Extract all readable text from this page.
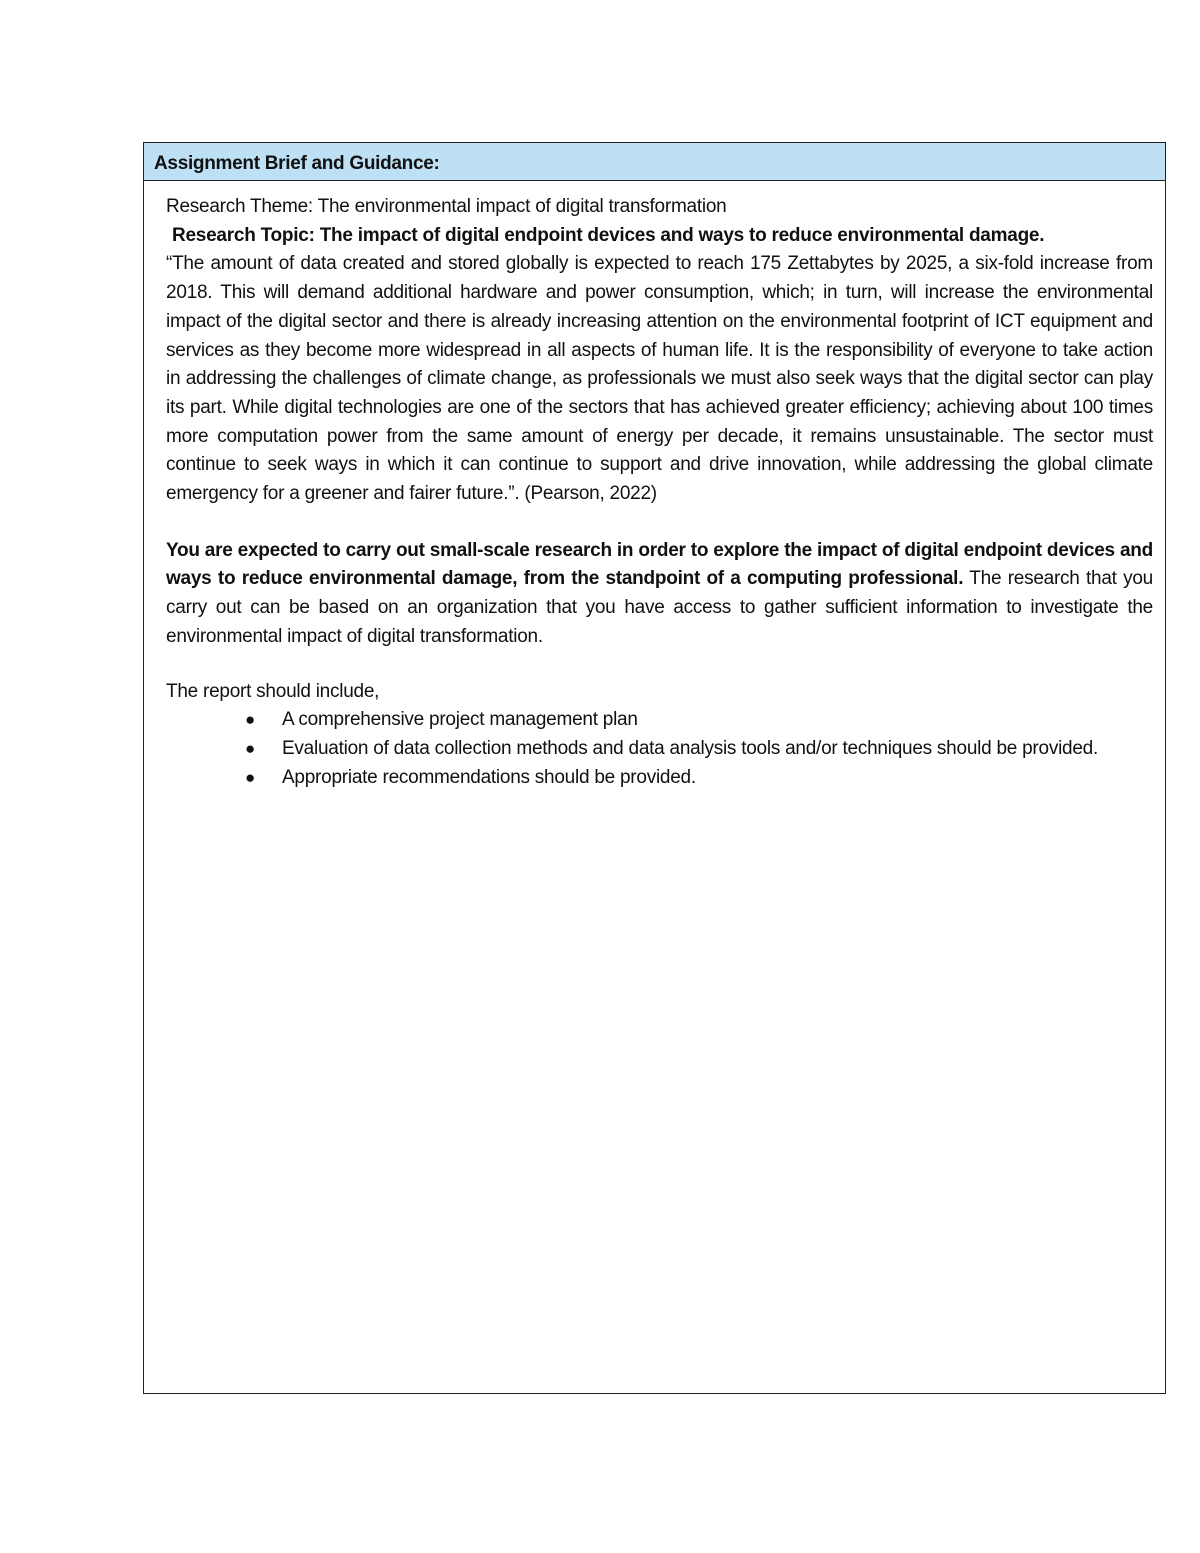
Assignment Brief and Guidance:

Research Theme: The environmental impact of digital transformation

Research Topic: The impact of digital endpoint devices and ways to reduce environmental damage.

“The amount of data created and stored globally is expected to reach 175 Zettabytes by 2025, a six-fold increase from 2018. This will demand additional hardware and power consumption, which; in turn, will increase the environmental impact of the digital sector and there is already increasing attention on the environmental footprint of ICT equipment and services as they become more widespread in all aspects of human life. It is the responsibility of everyone to take action in addressing the challenges of climate change, as professionals we must also seek ways that the digital sector can play its part. While digital technologies are one of the sectors that has achieved greater efficiency; achieving about 100 times more computation power from the same amount of energy per decade, it remains unsustainable. The sector must continue to seek ways in which it can continue to support and drive innovation, while addressing the global climate emergency for a greener and fairer future.”. (Pearson, 2022)

You are expected to carry out small-scale research in order to explore the impact of digital endpoint devices and ways to reduce environmental damage, from the standpoint of a computing professional. The research that you carry out can be based on an organization that you have access to gather sufficient information to investigate the environmental impact of digital transformation.

The report should include,

● A comprehensive project management plan
● Evaluation of data collection methods and data analysis tools and/or techniques should be provided.
● Appropriate recommendations should be provided.
